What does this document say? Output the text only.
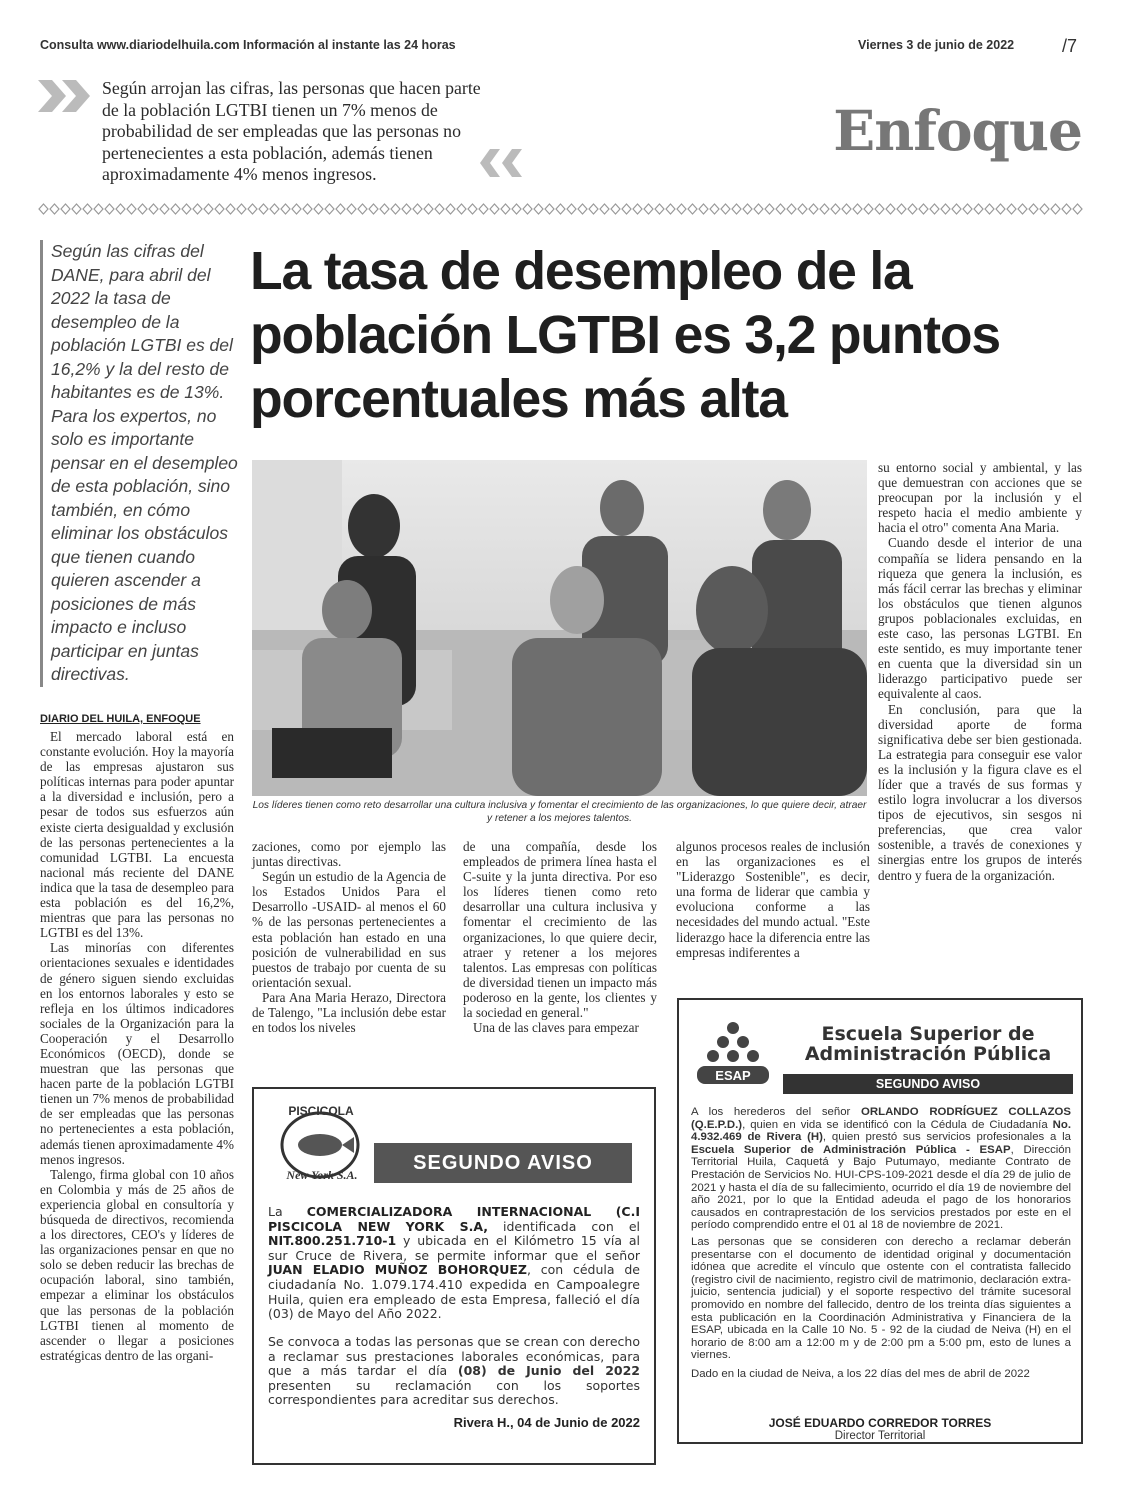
Consulta www.diariodelhuila.com Información al instante las 24 horas	Viernes 3 de junio de 2022	/7
Según arrojan las cifras, las personas que hacen parte de la población LGTBI tienen un 7% menos de probabilidad de ser empleadas que las personas no pertenecientes a esta población, además tienen aproximadamente 4% menos ingresos.
Enfoque
Según las cifras del DANE, para abril del 2022 la tasa de desempleo de la población LGTBI es del 16,2% y la del resto de habitantes es de 13%. Para los expertos, no solo es importante pensar en el desempleo de esta población, sino también, en cómo eliminar los obstáculos que tienen cuando quieren ascender a posiciones de más impacto e incluso participar en juntas directivas.
La tasa de desempleo de la población LGTBI es 3,2 puntos porcentuales más alta
Los líderes tienen como reto desarrollar una cultura inclusiva y fomentar el crecimiento de las organizaciones, lo que quiere decir, atraer y retener a los mejores talentos.
DIARIO DEL HUILA, ENFOQUE

El mercado laboral está en constante evolución. Hoy la mayoría de las empresas ajustaron sus políticas internas para poder apuntar a la diversidad e inclusión, pero a pesar de todos sus esfuerzos aún existe cierta desigualdad y exclusión de las personas pertenecientes a la comunidad LGTBI. La encuesta nacional más reciente del DANE indica que la tasa de desempleo para esta población es del 16,2%, mientras que para las personas no LGTBI es del 13%.

Las minorías con diferentes orientaciones sexuales e identidades de género siguen siendo excluidas en los entornos laborales y esto se refleja en los últimos indicadores sociales de la Organización para la Cooperación y el Desarrollo Económicos (OECD), donde se muestran que las personas que hacen parte de la población LGTBI tienen un 7% menos de probabilidad de ser empleadas que las personas no pertenecientes a esta población, además tienen aproximadamente 4% menos ingresos.

Talengo, firma global con 10 años en Colombia y más de 25 años de experiencia global en consultoría y búsqueda de directivos, recomienda a los directores, CEO's y líderes de las organizaciones pensar en que no solo se deben reducir las brechas de ocupación laboral, sino también, empezar a eliminar los obstáculos que las personas de la población LGTBI tienen al momento de ascender o llegar a posiciones estratégicas dentro de las organi-

zaciones, como por ejemplo las juntas directivas.

Según un estudio de la Agencia de los Estados Unidos Para el Desarrollo -USAID- al menos el 60 % de las personas pertenecientes a esta población han estado en una posición de vulnerabilidad en sus puestos de trabajo por cuenta de su orientación sexual.

Para Ana Maria Herazo, Directora de Talengo, "La inclusión debe estar en todos los niveles

de una compañía, desde los empleados de primera línea hasta el C-suite y la junta directiva. Por eso los líderes tienen como reto desarrollar una cultura inclusiva y fomentar el crecimiento de las organizaciones, lo que quiere decir, atraer y retener a los mejores talentos. Las empresas con políticas de diversidad tienen un impacto más poderoso en la gente, los clientes y la sociedad en general."

Una de las claves para empezar

algunos procesos reales de inclusión en las organizaciones es el "Liderazgo Sostenible", es decir, una forma de liderar que cambia y evoluciona conforme a las necesidades del mundo actual. "Este liderazgo hace la diferencia entre las empresas indiferentes a

su entorno social y ambiental, y las que demuestran con acciones que se preocupan por la inclusión y el respeto hacia el medio ambiente y hacia el otro" comenta Ana Maria.

Cuando desde el interior de una compañía se lidera pensando en la riqueza que genera la inclusión, es más fácil cerrar las brechas y eliminar los obstáculos que tienen algunos grupos poblacionales excluidas, en este caso, las personas LGTBI. En este sentido, es muy importante tener en cuenta que la diversidad sin un liderazgo participativo puede ser equivalente al caos.

En conclusión, para que la diversidad aporte de forma significativa debe ser bien gestionada. La estrategia para conseguir ese valor es la inclusión y la figura clave es el líder que a través de sus formas y estilo logra involucrar a los diversos tipos de ejecutivos, sin sesgos ni preferencias, que crea valor sostenible, a través de conexiones y sinergias entre los grupos de interés dentro y fuera de la organización.

PISCICOLA
New York S.A.
SEGUNDO AVISO
La COMERCIALIZADORA INTERNACIONAL (C.I PISCICOLA NEW YORK S.A, identificada con el NIT.800.251.710-1 y ubicada en el Kilómetro 15 vía al sur Cruce de Rivera, se permite informar que el señor JUAN ELADIO MUÑOZ BOHORQUEZ, con cédula de ciudadanía No. 1.079.174.410 expedida en Campoalegre Huila, quien era empleado de esta Empresa, falleció el día (03) de Mayo del Año 2022.
Se convoca a todas las personas que se crean con derecho a reclamar sus prestaciones laborales económicas, para que a más tardar el día (08) de Junio del 2022 presenten su reclamación con los soportes correspondientes para acreditar sus derechos.
Rivera H., 04 de Junio de 2022
ESAP
Escuela Superior de Administración Pública
SEGUNDO AVISO
A los herederos del señor ORLANDO RODRÍGUEZ COLLAZOS (Q.E.P.D.), quien en vida se identificó con la Cédula de Ciudadanía No. 4.932.469 de Rivera (H), quien prestó sus servicios profesionales a la Escuela Superior de Administración Pública - ESAP, Dirección Territorial Huila, Caquetá y Bajo Putumayo, mediante Contrato de Prestación de Servicios No. HUI-CPS-109-2021 desde el día 29 de julio de 2021 y hasta el día de su fallecimiento, ocurrido el día 19 de noviembre del año 2021, por lo que la Entidad adeuda el pago de los honorarios causados en contraprestación de los servicios prestados por este en el período comprendido entre el 01 al 18 de noviembre de 2021.
Las personas que se consideren con derecho a reclamar deberán presentarse con el documento de identidad original y documentación idónea que acredite el vínculo que ostente con el contratista fallecido (registro civil de nacimiento, registro civil de matrimonio, declaración extra-juicio, sentencia judicial) y el soporte respectivo del trámite sucesoral promovido en nombre del fallecido, dentro de los treinta días siguientes a esta publicación en la Coordinación Administrativa y Financiera de la ESAP, ubicada en la Calle 10 No. 5 - 92 de la ciudad de Neiva (H) en el horario de 8:00 am a 12:00 m y de 2:00 pm a 5:00 pm, esto de lunes a viernes.
Dado en la ciudad de Neiva, a los 22 días del mes de abril de 2022
JOSÉ EDUARDO CORREDOR TORRES
Director Territorial
